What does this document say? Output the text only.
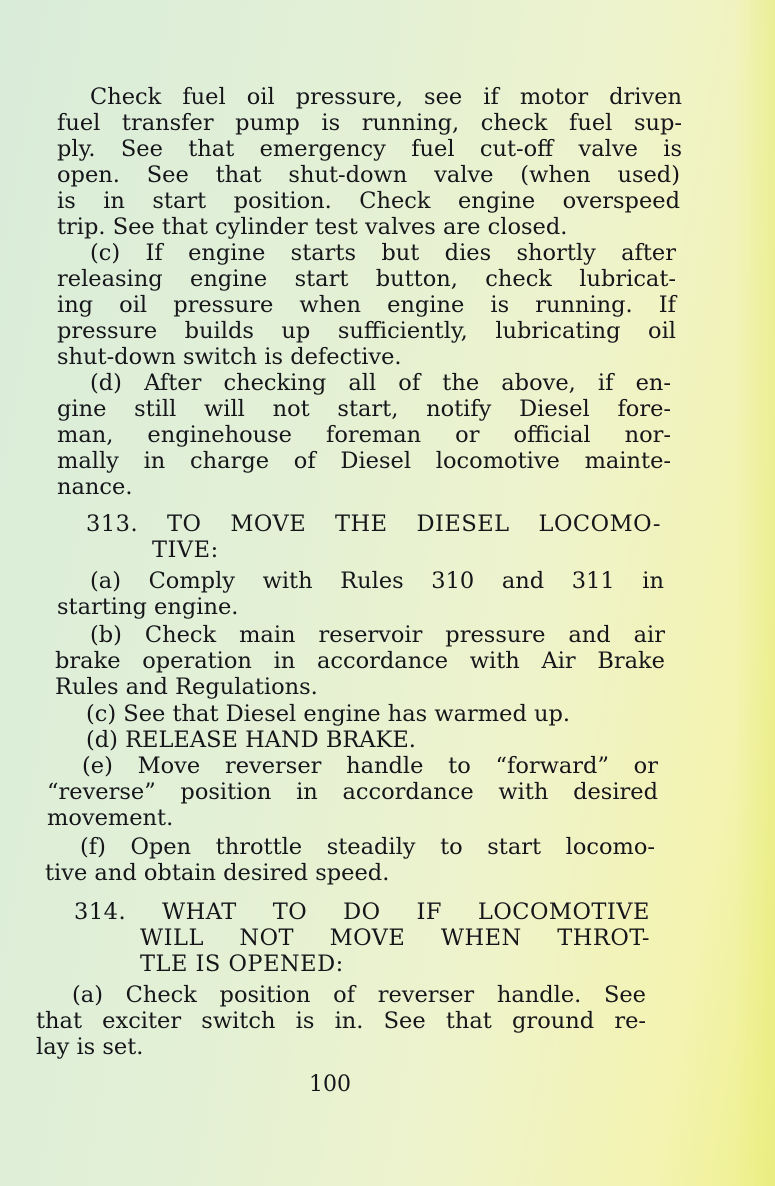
Check fuel oil pressure, see if motor driven
fuel transfer pump is running, check fuel sup-
ply. See that emergency fuel cut-off valve is
open. See that shut-down valve (when used)
is in start position. Check engine overspeed
trip. See that cylinder test valves are closed.
(c) If engine starts but dies shortly after
releasing engine start button, check lubricat-
ing oil pressure when engine is running. If
pressure builds up sufficiently, lubricating oil
shut-down switch is defective.
(d) After checking all of the above, if en-
gine still will not start, notify Diesel fore-
man, enginehouse foreman or official nor-
mally in charge of Diesel locomotive mainte-
nance.
313. TO MOVE THE DIESEL LOCOMO-
TIVE:
(a) Comply with Rules 310 and 311 in
starting engine.
(b) Check main reservoir pressure and air
brake operation in accordance with Air Brake
Rules and Regulations.
(c) See that Diesel engine has warmed up.
(d) RELEASE HAND BRAKE.
(e) Move reverser handle to “forward” or
“reverse” position in accordance with desired
movement.
(f) Open throttle steadily to start locomo-
tive and obtain desired speed.
314. WHAT TO DO IF LOCOMOTIVE
WILL NOT MOVE WHEN THROT-
TLE IS OPENED:
(a) Check position of reverser handle. See
that exciter switch is in. See that ground re-
lay is set.
100
